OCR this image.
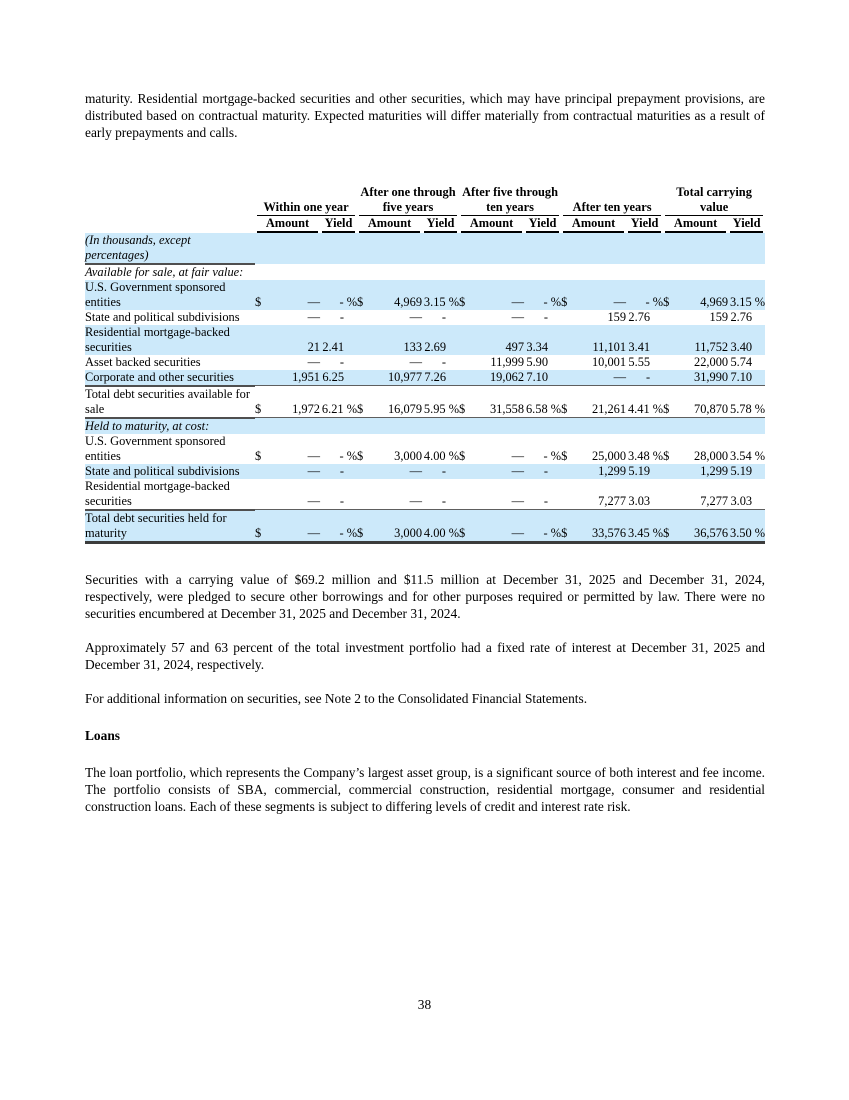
maturity. Residential mortgage-backed securities and other securities, which may have principal prepayment provisions, are distributed based on contractual maturity. Expected maturities will differ materially from contractual maturities as a result of early prepayments and calls.

	Within one year			After one through five years			After five through ten years			After ten years			Total carrying value		

	Amount		Yield	Amount		Yield	Amount		Yield	Amount		Yield	Amount		Yield

(In thousands, except percentages)															
Available for sale, at fair value:															
U.S. Government sponsored entities	$	—	- %	$	4,969	3.15 %	$	—	- %	$	—	- %	$	4,969	3.15 %
State and political subdivisions		—	-		—	-		—	-		159	2.76		159	2.76
Residential mortgage-backed securities		21	2.41		133	2.69		497	3.34		11,101	3.41		11,752	3.40
Asset backed securities		—	-		—	-		11,999	5.90		10,001	5.55		22,000	5.74
Corporate and other securities		1,951	6.25		10,977	7.26		19,062	7.10		—	-		31,990	7.10
Total debt securities available for sale	$	1,972	6.21 %	$	16,079	5.95 %	$	31,558	6.58 %	$	21,261	4.41 %	$	70,870	5.78 %
Held to maturity, at cost:															
U.S. Government sponsored entities	$	—	- %	$	3,000	4.00 %	$	—	- %	$	25,000	3.48 %	$	28,000	3.54 %
State and political subdivisions		—	-		—	-		—	-		1,299	5.19		1,299	5.19
Residential mortgage-backed securities		—	-		—	-		—	-		7,277	3.03		7,277	3.03
Total debt securities held for maturity	$	—	- %	$	3,000	4.00 %	$	—	- %	$	33,576	3.45 %	$	36,576	3.50 %

Securities with a carrying value of $69.2 million and $11.5 million at December 31, 2025 and December 31, 2024, respectively, were pledged to secure other borrowings and for other purposes required or permitted by law. There were no securities encumbered at December 31, 2025 and December 31, 2024.

Approximately 57 and 63 percent of the total investment portfolio had a fixed rate of interest at December 31, 2025 and December 31, 2024, respectively.

For additional information on securities, see Note 2 to the Consolidated Financial Statements.

Loans

The loan portfolio, which represents the Company’s largest asset group, is a significant source of both interest and fee income. The portfolio consists of SBA, commercial, commercial construction, residential mortgage, consumer and residential construction loans. Each of these segments is subject to differing levels of credit and interest rate risk.

38
